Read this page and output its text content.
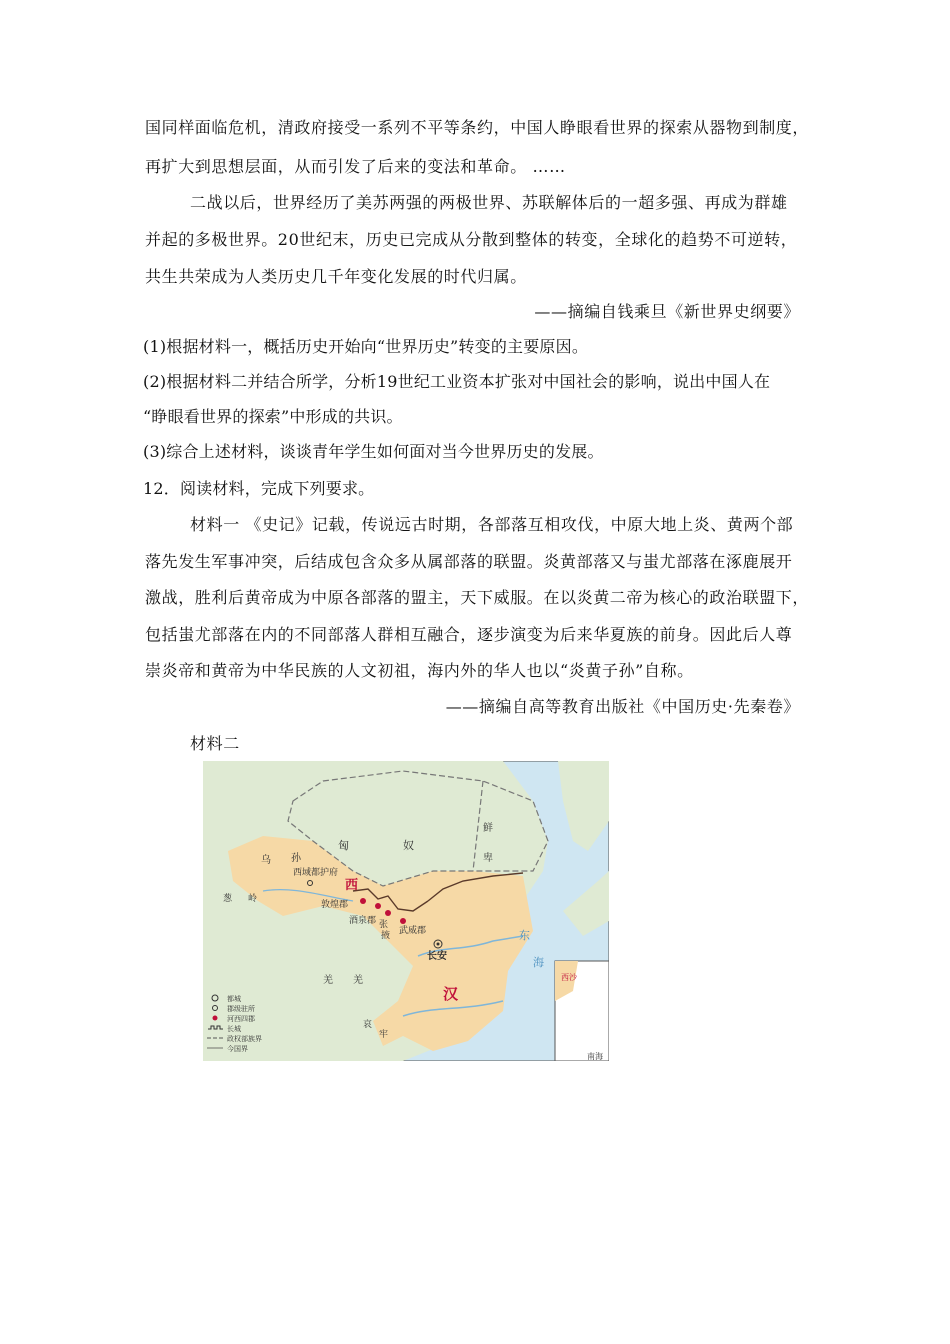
国同样面临危机，清政府接受一系列不平等条约，中国人睁眼看世界的探索从器物到制度，
再扩大到思想层面，从而引发了后来的变法和革命。 ……
二战以后，世界经历了美苏两强的两极世界、苏联解体后的一超多强、再成为群雄
并起的多极世界。20世纪末，历史已完成从分散到整体的转变，全球化的趋势不可逆转，
共生共荣成为人类历史几千年变化发展的时代归属。
——摘编自钱乘旦《新世界史纲要》
(1)根据材料一，概括历史开始向“世界历史”转变的主要原因。
(2)根据材料二并结合所学，分析19世纪工业资本扩张对中国社会的影响，说出中国人在
“睁眼看世界的探索”中形成的共识。
(3)综合上述材料，谈谈青年学生如何面对当今世界历史的发展。
12．阅读材料，完成下列要求。
材料一 《史记》记载，传说远古时期，各部落互相攻伐，中原大地上炎、黄两个部
落先发生军事冲突，后结成包含众多从属部落的联盟。炎黄部落又与蚩尤部落在涿鹿展开
激战，胜利后黄帝成为中原各部落的盟主，天下威服。在以炎黄二帝为核心的政治联盟下，
包括蚩尤部落在内的不同部落人群相互融合，逐步演变为后来华夏族的前身。因此后人尊
崇炎帝和黄帝为中华民族的人文初祖，海内外的华人也以“炎黄子孙”自称。
——摘编自高等教育出版社《中国历史·先秦卷》
材料二
匈	奴
鲜
卑
乌 孙
西域都护府
西
葱 岭
敦煌郡
酒泉郡 张
掖 武威郡
长安
汉
羌 羌
哀
牢
东
海
西沙
南海
都城
郡级驻所
河西四郡
长城
政权部族界
今国界
